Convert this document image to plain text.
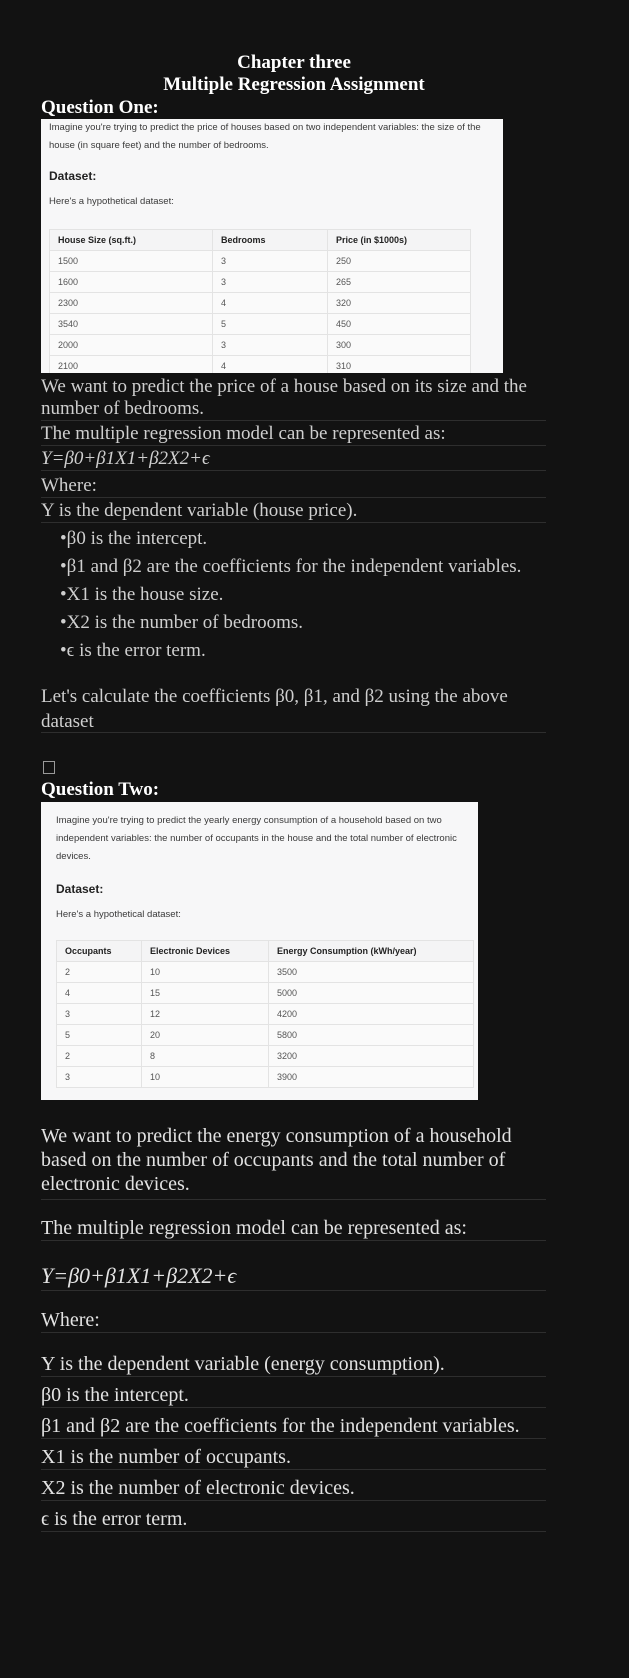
Chapter three
Multiple Regression Assignment
Question One:

Imagine you're trying to predict the price of houses based on two independent variables: the size of the house (in square feet) and the number of bedrooms.

Dataset:
Here's a hypothetical dataset:
House Size (sq.ft.)	Bedrooms	Price (in $1000s)
1500	3	250
1600	3	265
2300	4	320
3540	5	450
2000	3	300
2100	4	310
We want to predict the price of a house based on its size and the number of bedrooms.
The multiple regression model can be represented as:
Y=β0+β1X1+β2X2+ϵ
Where:
Y is the dependent variable (house price).
•β0 is the intercept.
•β1 and β2 are the coefficients for the independent variables.
•X1 is the house size.
•X2 is the number of bedrooms.
•ϵ is the error term.
Let's calculate the coefficients β0, β1, and β2 using the above dataset
Question Two:

Imagine you're trying to predict the yearly energy consumption of a household based on two independent variables: the number of occupants in the house and the total number of electronic devices.

Dataset:
Here's a hypothetical dataset:
Occupants	Electronic Devices	Energy Consumption (kWh/year)
2	10	3500
4	15	5000
3	12	4200
5	20	5800
2	8	3200
3	10	3900
We want to predict the energy consumption of a household based on the number of occupants and the total number of electronic devices.
The multiple regression model can be represented as:
Y=β0+β1X1+β2X2+ϵ
Where:
Y is the dependent variable (energy consumption).
β0 is the intercept.
β1 and β2 are the coefficients for the independent variables.
X1 is the number of occupants.
X2 is the number of electronic devices.
ϵ is the error term.
